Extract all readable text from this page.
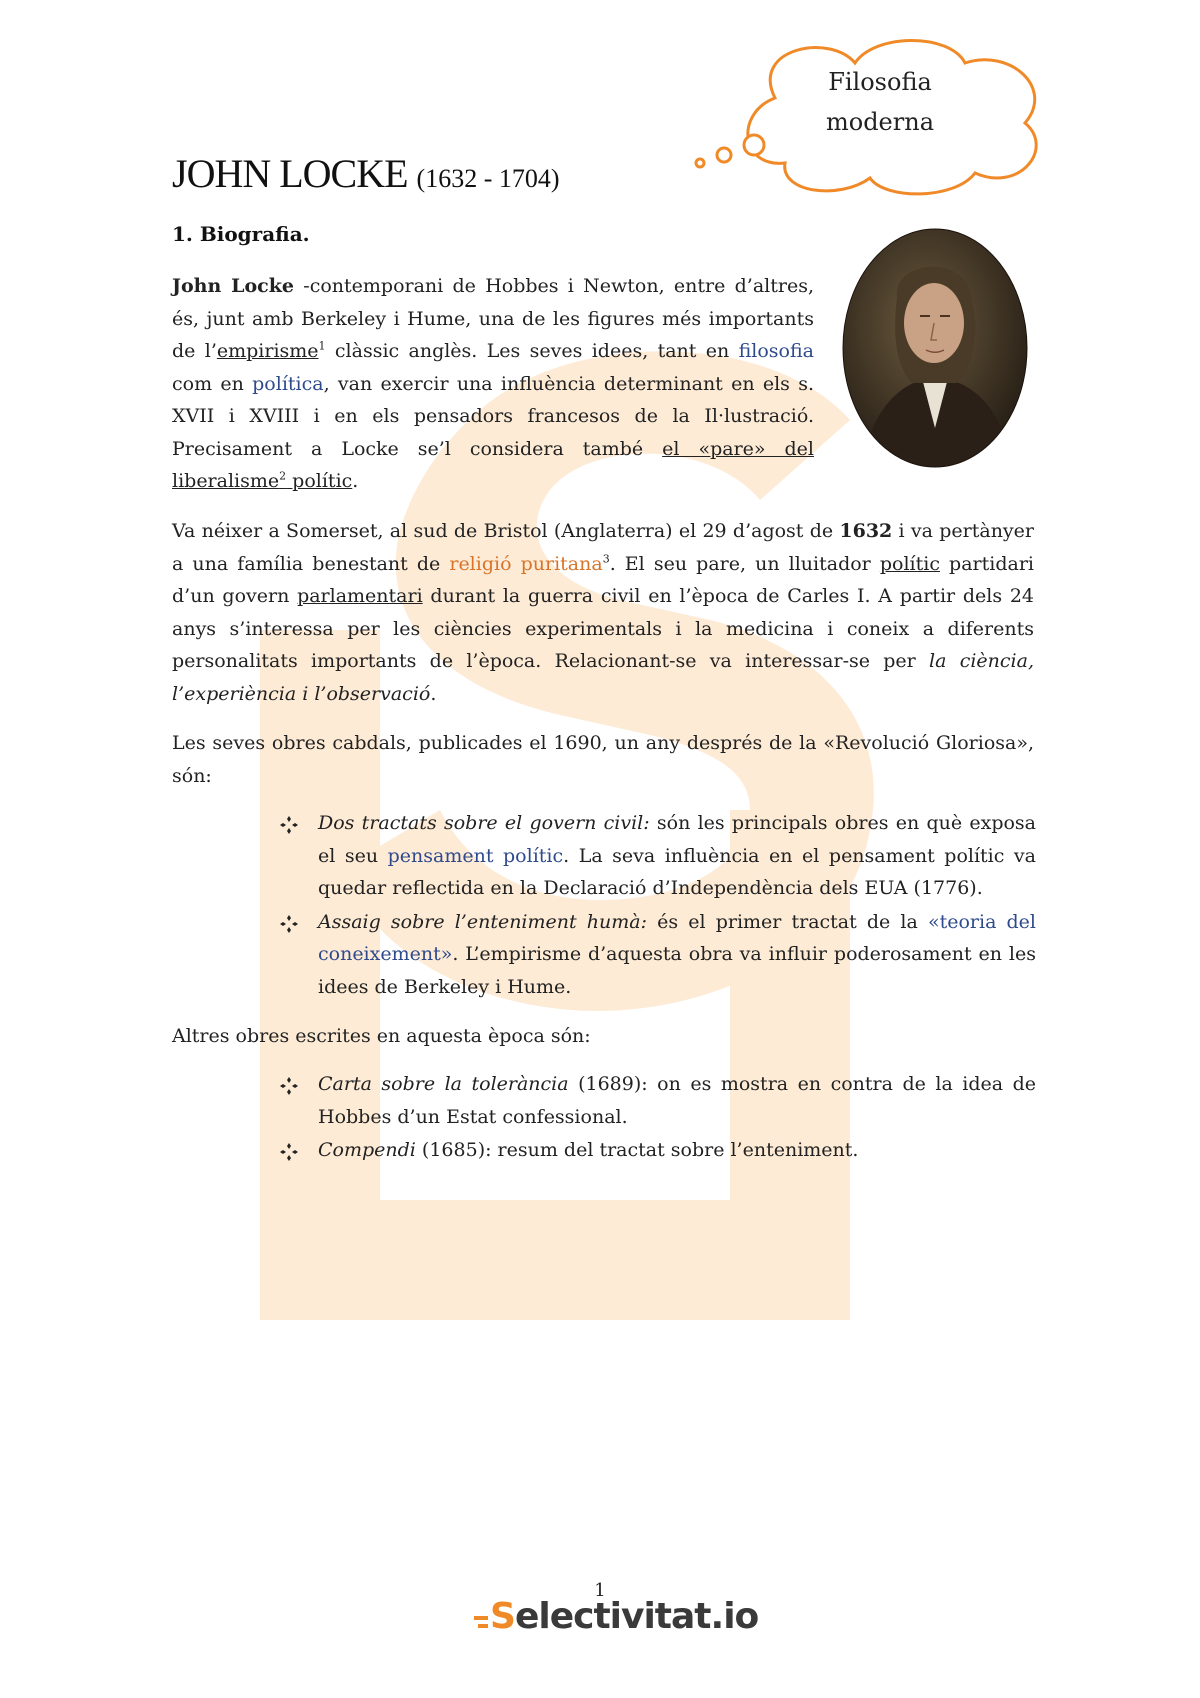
Filosofia
moderna
JOHN LOCKE (1632 - 1704)
1. Biografia.

John Locke -contemporani de Hobbes i Newton, entre d’altres, és, junt amb Berkeley i Hume, una de les figures més importants de l’empirisme$^1$ clàssic anglès. Les seves idees, tant en filosofia com en política, van exercir una influència determinant en els s. XVII i XVIII i en els pensadors francesos de la Il·lustració. Precisament a Locke se’l considera també el «pare» del liberalisme$^2$ polític.

Va néixer a Somerset, al sud de Bristol (Anglaterra) el 29 d’agost de 1632 i va pertànyer a una família benestant de religió puritana$^3$. El seu pare, un lluitador polític partidari d’un govern parlamentari durant la guerra civil en l’època de Carles I. A partir dels 24 anys s’interessa per les ciències experimentals i la medicina i coneix a diferents personalitats importants de l’època. Relacionant-se va interessar-se per la ciència, l’experiència i l’observació.

Les seves obres cabdals, publicades el 1690, un any després de la «Revolució Gloriosa», són:

Dos tractats sobre el govern civil: són les principals obres en què exposa el seu pensament polític. La seva influència en el pensament polític va quedar reflectida en la Declaració d’Independència dels EUA (1776).
Assaig sobre l’enteniment humà: és el primer tractat de la «teoria del coneixement». L’empirisme d’aquesta obra va influir poderosament en les idees de Berkeley i Hume.

Altres obres escrites en aquesta època són:

Carta sobre la tolerància (1689): on es mostra en contra de la idea de Hobbes d’un Estat confessional.
Compendi (1685): resum del tractat sobre l’enteniment.
1
Selectivitat.io
